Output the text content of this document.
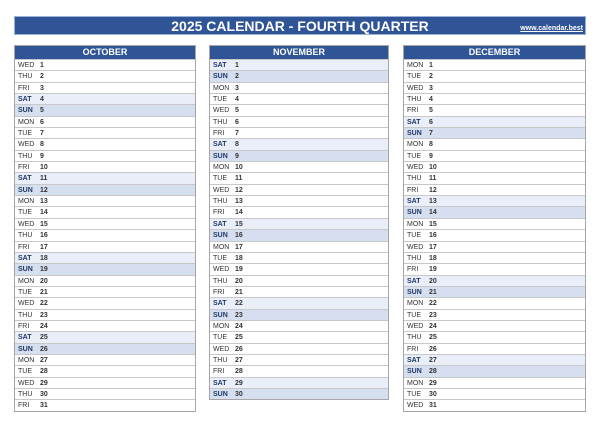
2025 CALENDAR - FOURTH QUARTER	www.calendar.best
OCTOBER
WED 1
THU	2
FRI	3
SAT	4
SUN	5
MON 6
TUE	7
WED 8
THU	9
FRI	10
SAT	11
SUN	12
MON 13
TUE	14
WED 15
THU	16
FRI	17
SAT	18
SUN	19
MON 20
TUE	21
WED 22
THU	23
FRI	24
SAT	25
SUN	26
MON 27
TUE	28
WED 29
THU	30
FRI	31
NOVEMBER
SAT	1
SUN	2
MON 3
TUE	4
WED 5
THU	6
FRI	7
SAT	8
SUN	9
MON 10
TUE	11
WED 12
THU	13
FRI	14
SAT	15
SUN	16
MON 17
TUE	18
WED 19
THU	20
FRI	21
SAT	22
SUN	23
MON 24
TUE	25
WED 26
THU	27
FRI	28
SAT	29
SUN	30
DECEMBER
MON 1
TUE	2
WED 3
THU	4
FRI	5
SAT	6
SUN	7
MON 8
TUE	9
WED 10
THU	11
FRI	12
SAT	13
SUN	14
MON 15
TUE	16
WED 17
THU	18
FRI	19
SAT	20
SUN	21
MON 22
TUE	23
WED 24
THU	25
FRI	26
SAT	27
SUN	28
MON 29
TUE	30
WED 31
